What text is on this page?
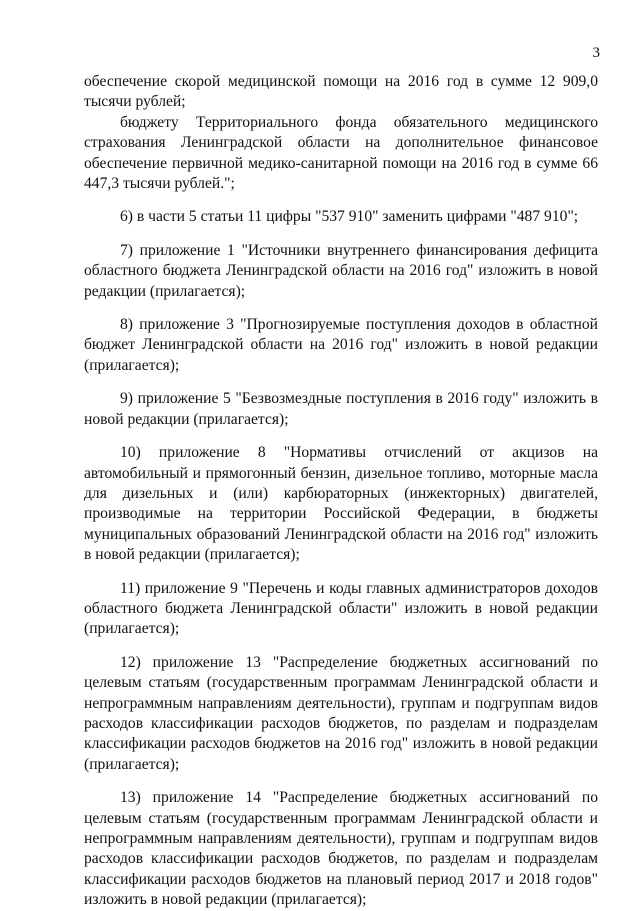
3

обеспечение скорой медицинской помощи на 2016 год в сумме 12 909,0 тысячи рублей;

бюджету Территориального фонда обязательного медицинского страхования Ленинградской области на дополнительное финансовое обеспечение первичной медико-санитарной помощи на 2016 год в сумме 66 447,3 тысячи рублей.";

6) в части 5 статьи 11 цифры "537 910" заменить цифрами "487 910";

7) приложение 1 "Источники внутреннего финансирования дефицита областного бюджета Ленинградской области на 2016 год" изложить в новой редакции (прилагается);

8) приложение 3 "Прогнозируемые поступления доходов в областной бюджет Ленинградской области на 2016 год" изложить в новой редакции (прилагается);

9) приложение 5 "Безвозмездные поступления в 2016 году" изложить в новой редакции (прилагается);

10) приложение 8 "Нормативы отчислений от акцизов на автомобильный и прямогонный бензин, дизельное топливо, моторные масла для дизельных и (или) карбюраторных (инжекторных) двигателей, производимые на территории Российской Федерации, в бюджеты муниципальных образований Ленинградской области на 2016 год" изложить в новой редакции (прилагается);

11) приложение 9 "Перечень и коды главных администраторов доходов областного бюджета Ленинградской области" изложить в новой редакции (прилагается);

12) приложение 13 "Распределение бюджетных ассигнований по целевым статьям (государственным программам Ленинградской области и непрограммным направлениям деятельности), группам и подгруппам видов расходов классификации расходов бюджетов, по разделам и подразделам классификации расходов бюджетов на 2016 год" изложить в новой редакции (прилагается);

13) приложение 14 "Распределение бюджетных ассигнований по целевым статьям (государственным программам Ленинградской области и непрограммным направлениям деятельности), группам и подгруппам видов расходов классификации расходов бюджетов, по разделам и подразделам классификации расходов бюджетов на плановый период 2017 и 2018 годов" изложить в новой редакции (прилагается);
